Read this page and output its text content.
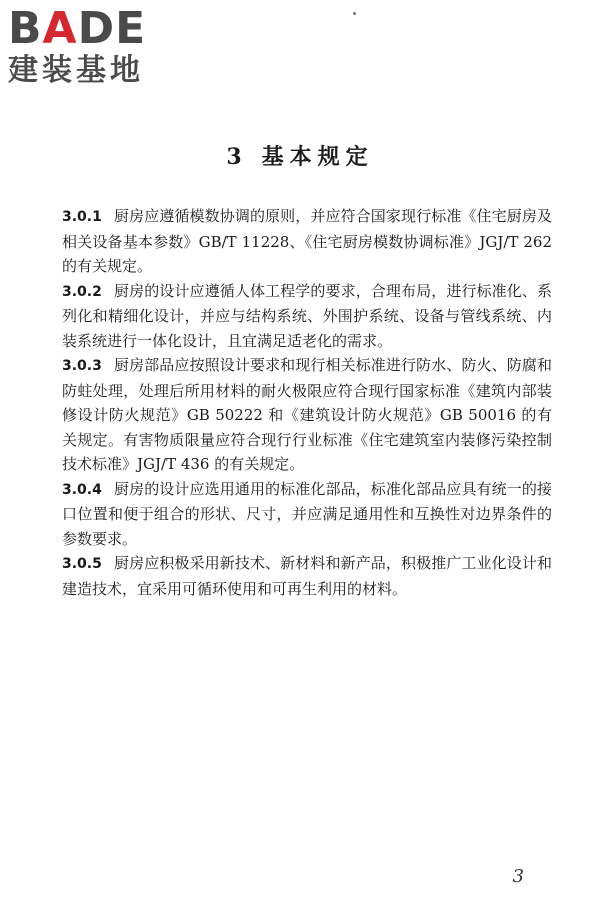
BADE
建装基地
3 基本规定

3.0.1 厨房应遵循模数协调的原则，并应符合国家现行标准《住宅厨房及相关设备基本参数》GB/T 11228、《住宅厨房模数协调标准》JGJ/T 262 的有关规定。

3.0.2 厨房的设计应遵循人体工程学的要求，合理布局，进行标准化、系列化和精细化设计，并应与结构系统、外围护系统、设备与管线系统、内装系统进行一体化设计，且宜满足适老化的需求。

3.0.3 厨房部品应按照设计要求和现行相关标准进行防水、防火、防腐和防蛀处理，处理后所用材料的耐火极限应符合现行国家标准《建筑内部装修设计防火规范》GB 50222 和《建筑设计防火规范》GB 50016 的有关规定。有害物质限量应符合现行行业标准《住宅建筑室内装修污染控制技术标准》JGJ/T 436 的有关规定。

3.0.4 厨房的设计应选用通用的标准化部品，标准化部品应具有统一的接口位置和便于组合的形状、尺寸，并应满足通用性和互换性对边界条件的参数要求。

3.0.5 厨房应积极采用新技术、新材料和新产品，积极推广工业化设计和建造技术，宜采用可循环使用和可再生利用的材料。

3
